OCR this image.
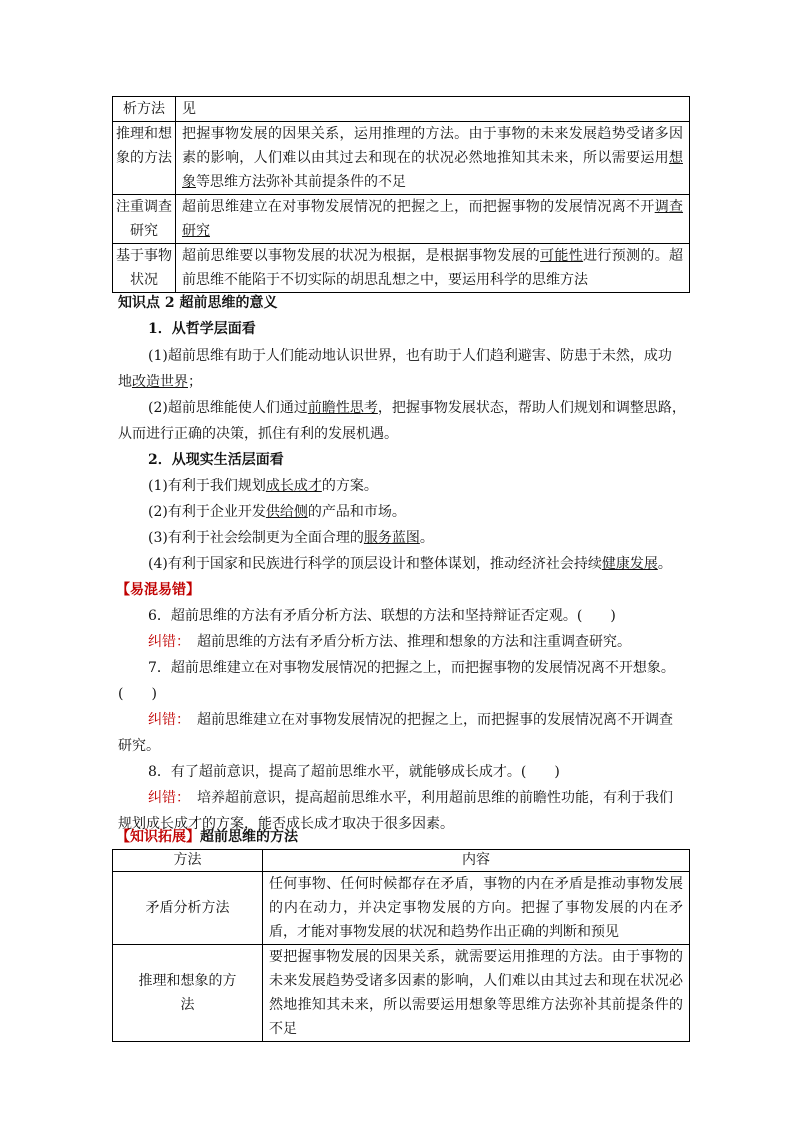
析方法	见
推理和想象的方法	把握事物发展的因果关系，运用推理的方法。由于事物的未来发展趋势受诸多因素的影响，人们难以由其过去和现在的状况必然地推知其未来，所以需要运用想象等思维方法弥补其前提条件的不足
注重调查研究	超前思维建立在对事物发展情况的把握之上，而把握事物的发展情况离不开调查研究
基于事物状况	超前思维要以事物发展的状况为根据，是根据事物发展的可能性进行预测的。超前思维不能陷于不切实际的胡思乱想之中，要运用科学的思维方法
知识点 2 超前思维的意义
1．从哲学层面看
(1)超前思维有助于人们能动地认识世界，也有助于人们趋利避害、防患于未然，成功
地改造世界；
(2)超前思维能使人们通过前瞻性思考，把握事物发展状态，帮助人们规划和调整思路，
从而进行正确的决策，抓住有利的发展机遇。
2．从现实生活层面看
(1)有利于我们规划成长成才的方案。
(2)有利于企业开发供给侧的产品和市场。
(3)有利于社会绘制更为全面合理的服务蓝图。
(4)有利于国家和民族进行科学的顶层设计和整体谋划，推动经济社会持续健康发展。
【易混易错】
6．超前思维的方法有矛盾分析方法、联想的方法和坚持辩证否定观。(　　)
纠错：　 超前思维的方法有矛盾分析方法、推理和想象的方法和注重调查研究。
7．超前思维建立在对事物发展情况的把握之上，而把握事物的发展情况离不开想象。
(　　)
纠错：　 超前思维建立在对事物发展情况的把握之上，而把握事的发展情况离不开调查
研究。
8．有了超前意识，提高了超前思维水平，就能够成长成才。(　　)
纠错：　 培养超前意识，提高超前思维水平，利用超前思维的前瞻性功能，有利于我们
规划成长成才的方案，能否成长成才取决于很多因素。
【知识拓展】超前思维的方法
方法	内容
矛盾分析方法	任何事物、任何时候都存在矛盾，事物的内在矛盾是推动事物发展的内在动力，并决定事物发展的方向。把握了事物发展的内在矛盾，才能对事物发展的状况和趋势作出正确的判断和预见
推理和想象的方法	要把握事物发展的因果关系，就需要运用推理的方法。由于事物的未来发展趋势受诸多因素的影响，人们难以由其过去和现在状况必然地推知其未来，所以需要运用想象等思维方法弥补其前提条件的不足
